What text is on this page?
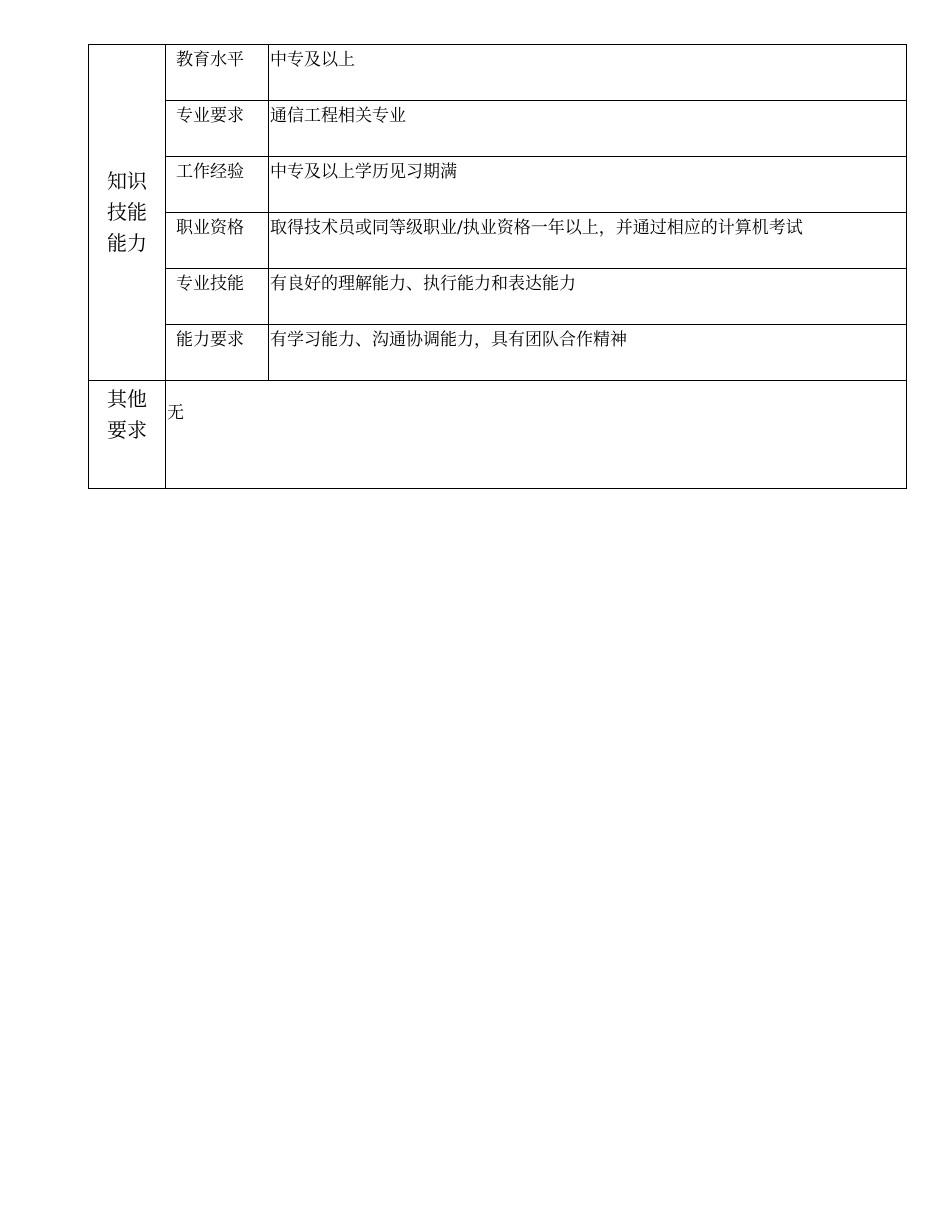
知识
技能
能力	教育水平	中专及以上
	专业要求	通信工程相关专业
	工作经验	中专及以上学历见习期满
	职业资格	取得技术员或同等级职业/执业资格一年以上，并通过相应的计算机考试
	专业技能	有良好的理解能力、执行能力和表达能力
	能力要求	有学习能力、沟通协调能力，具有团队合作精神

其他
要求	无	
